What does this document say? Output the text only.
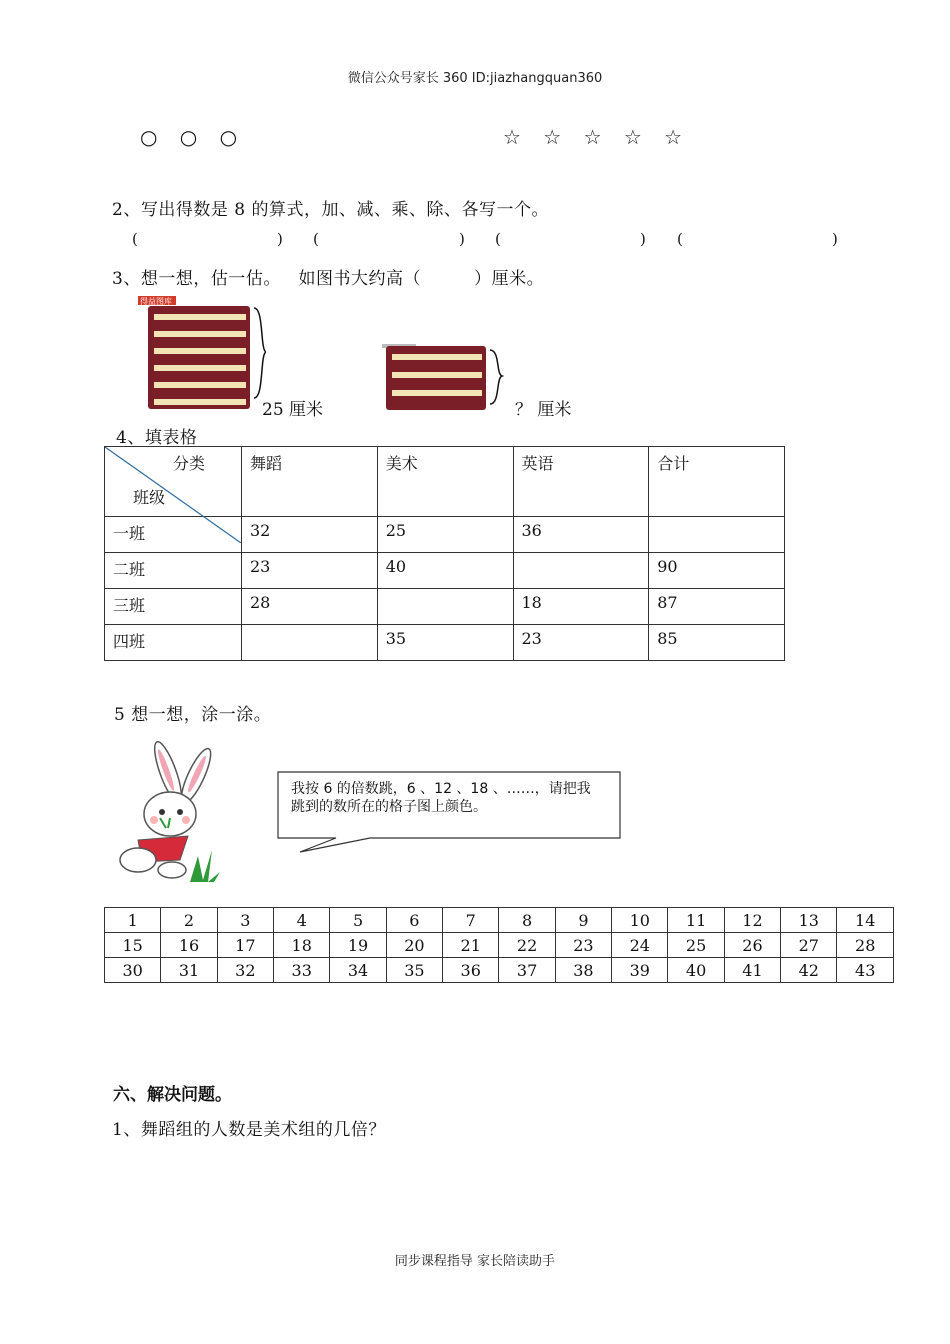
微信公众号家长 360 ID:jiazhangquan360
○ ○ ○	☆ ☆ ☆ ☆ ☆
2、写出得数是 8 的算式，加、减、乘、除、各写一个。
(	) (	) (	) (	)
3、想一想，估一估。   如图书大约高（         ）厘米。
得益图库
25 厘米	？ 厘米
4、填表格
分类
班级	舞蹈	美术	英语	合计
一班	32	25	36	
二班	23	40		90
三班	28		18	87
四班		35	23	85
5 想一想，涂一涂。
我按 6 的倍数跳，6 、12 、18 、……，请把我
跳到的数所在的格子图上颜色。
1	2	3	4	5	6	7	8	9	10	11	12	13	14
15	16	17	18	19	20	21	22	23	24	25	26	27	28
30	31	32	33	34	35	36	37	38	39	40	41	42	43
六、解决问题。
1、舞蹈组的人数是美术组的几倍？
同步课程指导 家长陪读助手
